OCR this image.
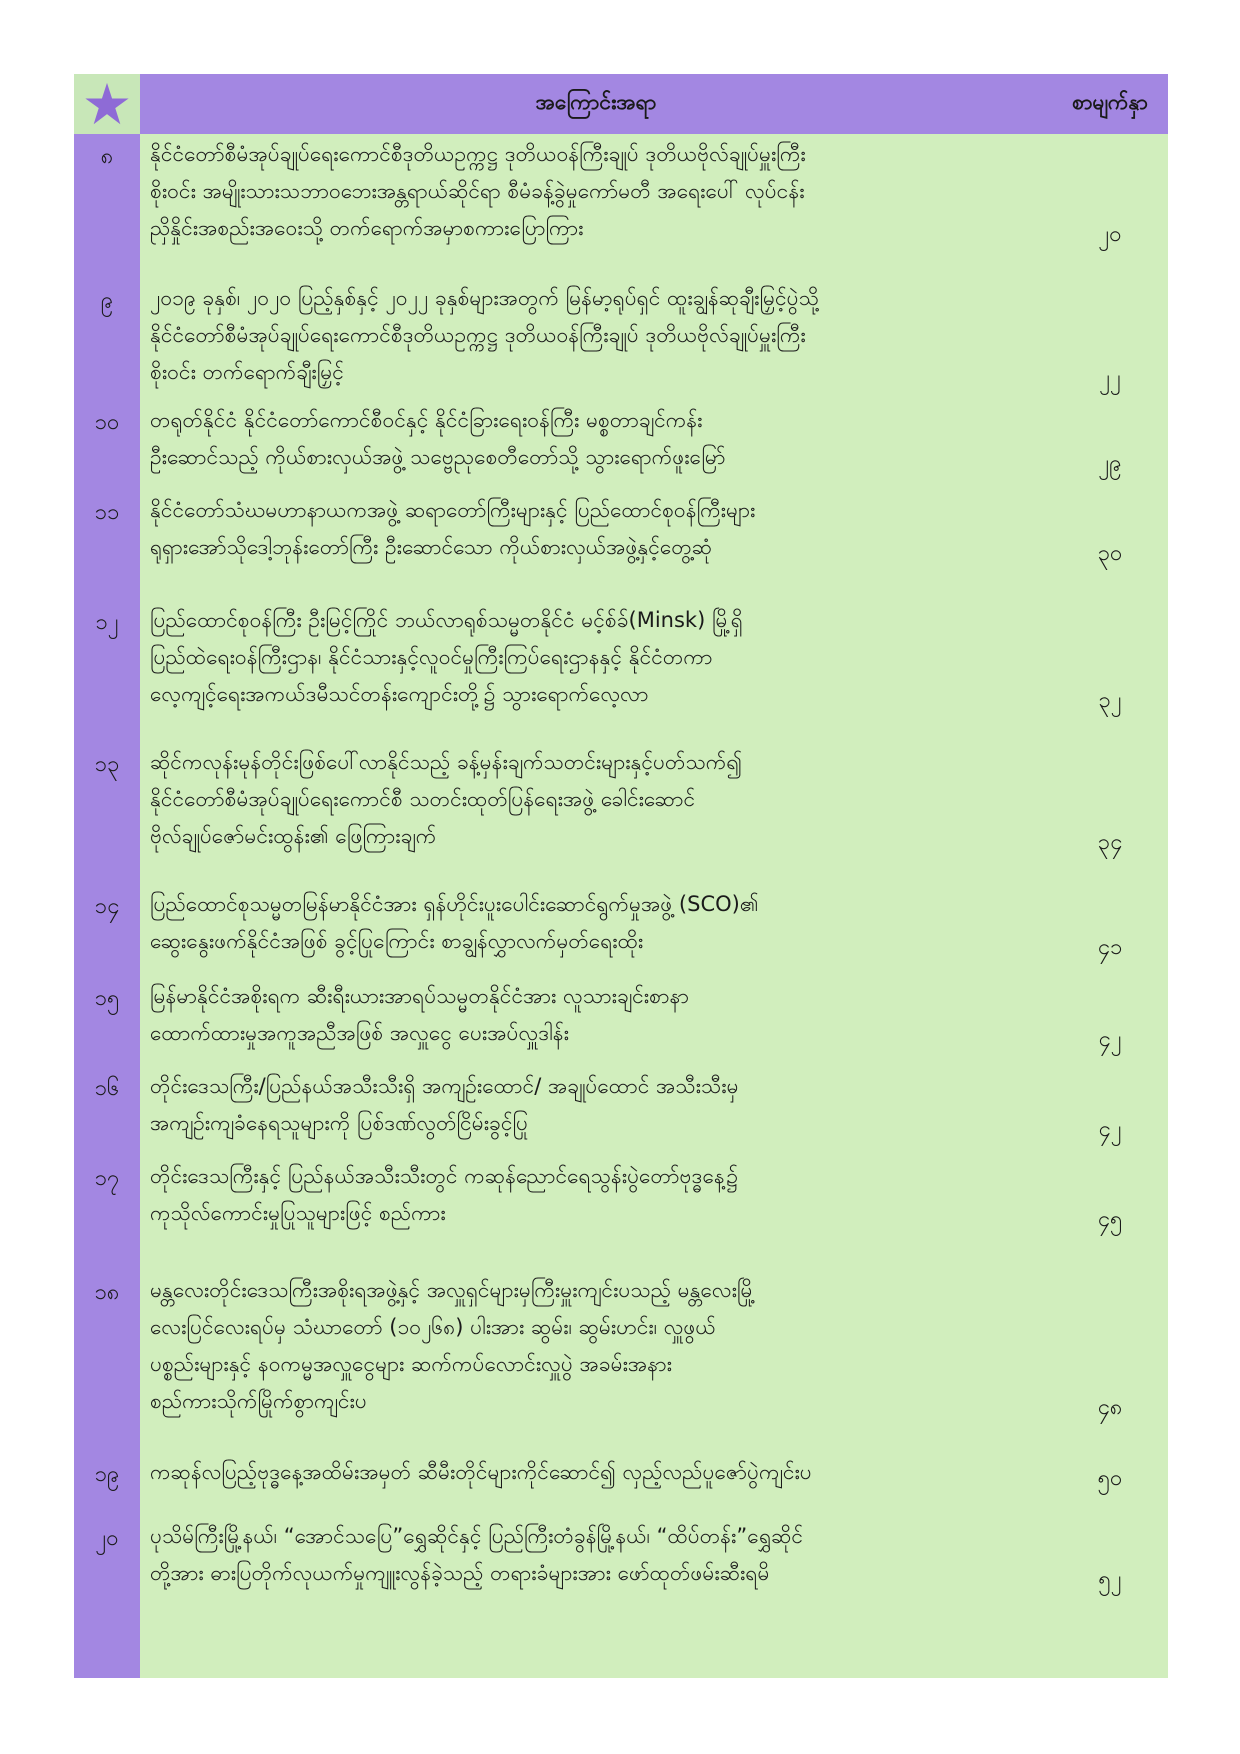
အကြောင်းအရာ	စာမျက်နှာ
၈	နိုင်ငံတော်စီမံအုပ်ချုပ်ရေးကောင်စီဒုတိယဥက္ကဋ္ဌ ဒုတိယဝန်ကြီးချုပ် ဒုတိယဗိုလ်ချုပ်မှူးကြီး
စိုးဝင်း အမျိုးသားသဘာဝဘေးအန္တရာယ်ဆိုင်ရာ စီမံခန့်ခွဲမှုကော်မတီ အရေးပေါ် လုပ်ငန်း
ညှိနှိုင်းအစည်းအဝေးသို့ တက်ရောက်အမှာစကားပြောကြား	၂၀
၉	၂၀၁၉ ခုနှစ်၊ ၂၀၂၀ ပြည့်နှစ်နှင့် ၂၀၂၂ ခုနှစ်များအတွက် မြန်မာ့ရုပ်ရှင် ထူးချွန်ဆုချီးမြှင့်ပွဲသို့
နိုင်ငံတော်စီမံအုပ်ချုပ်ရေးကောင်စီဒုတိယဥက္ကဋ္ဌ ဒုတိယဝန်ကြီးချုပ် ဒုတိယဗိုလ်ချုပ်မှူးကြီး
စိုးဝင်း တက်ရောက်ချီးမြှင့်	၂၂
၁၀	တရုတ်နိုင်ငံ နိုင်ငံတော်ကောင်စီဝင်နှင့် နိုင်ငံခြားရေးဝန်ကြီး မစ္စတာချင်ကန်း
ဦးဆောင်သည့် ကိုယ်စားလှယ်အဖွဲ့ သဗ္ဗေညုစေတီတော်သို့ သွားရောက်ဖူးမြော်	၂၉
၁၁	နိုင်ငံတော်သံဃမဟာနာယကအဖွဲ့ ဆရာတော်ကြီးများနှင့် ပြည်ထောင်စုဝန်ကြီးများ
ရုရှားအော်သိုဒေါ့ဘုန်းတော်ကြီး ဦးဆောင်သော ကိုယ်စားလှယ်အဖွဲ့နှင့်တွေ့ဆုံ	၃၀
၁၂	ပြည်ထောင်စုဝန်ကြီး ဦးမြင့်ကြိုင် ဘယ်လာရုစ်သမ္မတနိုင်ငံ မင့်စ်ခ်(Minsk) မြို့ရှိ
ပြည်ထဲရေးဝန်ကြီးဌာန၊ နိုင်ငံသားနှင့်လူဝင်မှုကြီးကြပ်ရေးဌာနနှင့် နိုင်ငံတကာ
လေ့ကျင့်ရေးအကယ်ဒမီသင်တန်းကျောင်းတို့၌ သွားရောက်လေ့လာ	၃၂
၁၃	ဆိုင်ကလုန်းမုန်တိုင်းဖြစ်ပေါ်လာနိုင်သည့် ခန့်မှန်းချက်သတင်းများနှင့်ပတ်သက်၍
နိုင်ငံတော်စီမံအုပ်ချုပ်ရေးကောင်စီ သတင်းထုတ်ပြန်ရေးအဖွဲ့ ခေါင်းဆောင်
ဗိုလ်ချုပ်ဇော်မင်းထွန်း၏ ဖြေကြားချက်	၃၄
၁၄	ပြည်ထောင်စုသမ္မတမြန်မာနိုင်ငံအား ရှန်ဟိုင်းပူးပေါင်းဆောင်ရွက်မှုအဖွဲ့ (SCO)၏
ဆွေးနွေးဖက်နိုင်ငံအဖြစ် ခွင့်ပြုကြောင်း စာချွန်လွှာလက်မှတ်ရေးထိုး	၄၁
၁၅	မြန်မာနိုင်ငံအစိုးရက ဆီးရီးယားအာရပ်သမ္မတနိုင်ငံအား လူသားချင်းစာနာ
ထောက်ထားမှုအကူအညီအဖြစ် အလှူငွေ ပေးအပ်လှူဒါန်း	၄၂
၁၆	တိုင်းဒေသကြီး/ပြည်နယ်အသီးသီးရှိ အကျဉ်းထောင်/ အချုပ်ထောင် အသီးသီးမှ
အကျဉ်းကျခံနေရသူများကို ပြစ်ဒဏ်လွတ်ငြိမ်းခွင့်ပြု	၄၂
၁၇	တိုင်းဒေသကြီးနှင့် ပြည်နယ်အသီးသီးတွင် ကဆုန်ညောင်ရေသွန်းပွဲတော်ဗုဒ္ဓနေ့၌
ကုသိုလ်ကောင်းမှုပြုသူများဖြင့် စည်ကား	၄၅
၁၈	မန္တလေးတိုင်းဒေသကြီးအစိုးရအဖွဲ့နှင့် အလှူရှင်များမှကြီးမှူးကျင်းပသည့် မန္တလေးမြို့
လေးပြင်လေးရပ်မှ သံဃာတော် (၁၀၂၆၈) ပါးအား ဆွမ်း၊ ဆွမ်းဟင်း၊ လှူဖွယ်
ပစ္စည်းများနှင့် နဝကမ္မအလှူငွေများ ဆက်ကပ်လောင်းလှူပွဲ အခမ်းအနား
စည်ကားသိုက်မြိုက်စွာကျင်းပ	၄၈
၁၉	ကဆုန်လပြည့်ဗုဒ္ဓနေ့အထိမ်းအမှတ် ဆီမီးတိုင်များကိုင်ဆောင်၍ လှည့်လည်ပူဇော်ပွဲကျင်းပ	၅၀
၂၀	ပုသိမ်ကြီးမြို့နယ်၊ “အောင်သပြေ”ရွှေဆိုင်နှင့် ပြည်ကြီးတံခွန်မြို့နယ်၊ “ထိပ်တန်း”ရွှေဆိုင်
တို့အား ဓားပြတိုက်လုယက်မှုကျူးလွန်ခဲ့သည့် တရားခံများအား ဖော်ထုတ်ဖမ်းဆီးရမိ	၅၂
